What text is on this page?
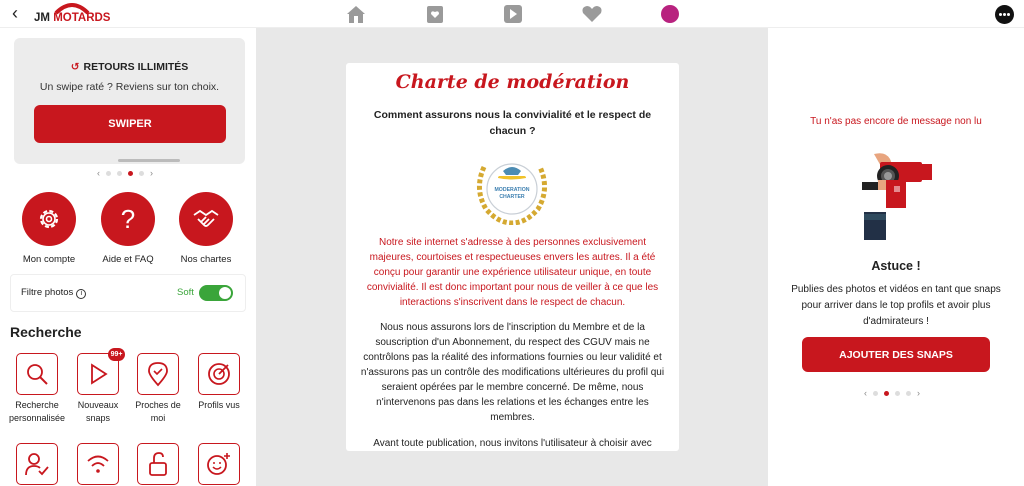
‹ JM MOTARDS
↺ RETOURS ILLIMITÉS
Un swipe raté ? Reviens sur ton choix.
SWIPER
‹	›
Mon compte
?
Aide et FAQ	Nos chartes
Filtre photos i	Soft
Recherche
Recherche
personnalisée
99+
Nouveaux
snaps
Proches de
moi
Profils vus
Charte de modération
Comment assurons nous la convivialité et le respect de chacun ?
MODERATION
CHARTER
Notre site internet s'adresse à des personnes exclusivement majeures, courtoises et respectueuses envers les autres. Il a été conçu pour garantir une expérience utilisateur unique, en toute convivialité. Il est donc important pour nous de veiller à ce que les interactions s'inscrivent dans le respect de chacun.
Nous nous assurons lors de l'inscription du Membre et de la souscription d'un Abonnement, du respect des CGUV mais ne contrôlons pas la réalité des informations fournies ou leur validité et n'assurons pas un contrôle des modifications ultérieures du profil qui seraient opérées par le membre concerné. De même, nous n'intervenons pas dans les relations et les échanges entre les membres.
Avant toute publication, nous invitons l'utilisateur à choisir avec
Tu n'as pas encore de message non lu
Astuce !
Publies des photos et vidéos en tant que snaps pour arriver dans le top profils et avoir plus d'admirateurs !
AJOUTER DES SNAPS
‹	›
